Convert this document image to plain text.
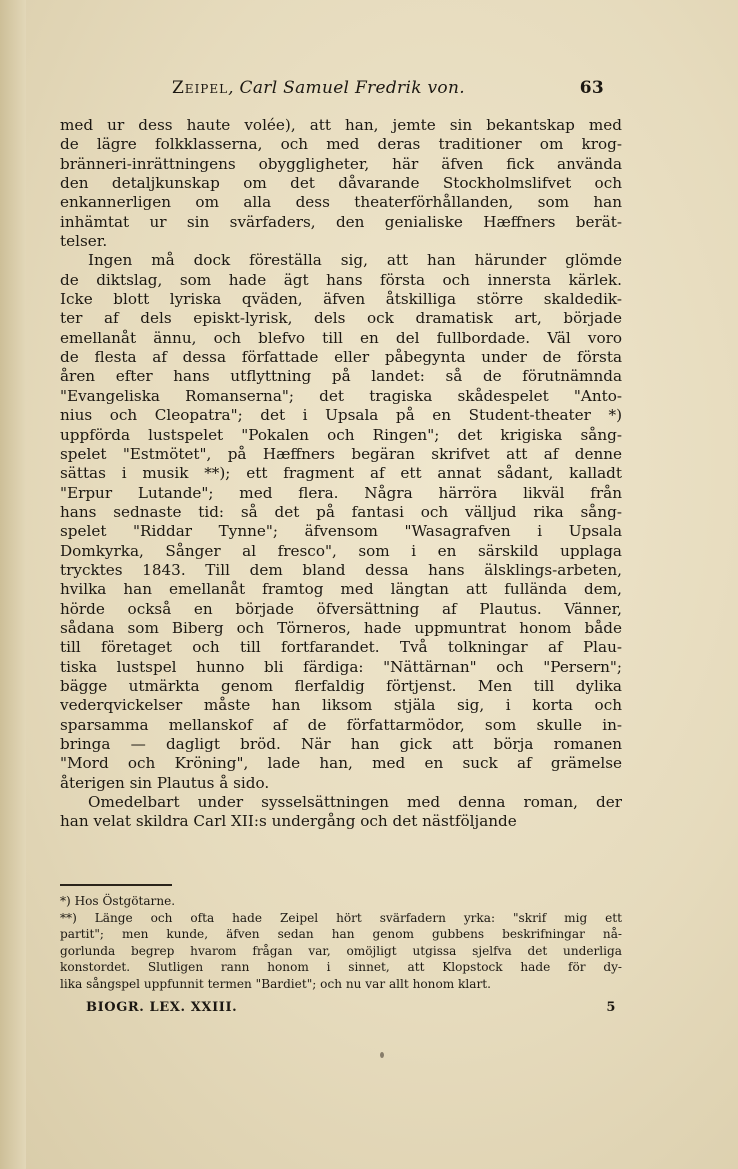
Zeipel, Carl Samuel Fredrik von.	63
med ur dess haute volée), att han, jemte sin bekantskap med
de lägre folkklasserna, och med deras traditioner om krog-
bränneri-inrättningens obyggligheter, här äfven fick använda
den detaljkunskap om det dåvarande Stockholmslifvet och
enkannerligen om alla dess theaterförhållanden, som han
inhämtat ur sin svärfaders, den genialiske Hæffners berät-
telser.
Ingen må dock föreställa sig, att han härunder glömde
de diktslag, som hade ägt hans första och innersta kärlek.
Icke blott lyriska qväden, äfven åtskilliga större skaldedik-
ter af dels episkt-lyrisk, dels ock dramatisk art, började
emellanåt ännu, och blefvo till en del fullbordade. Väl voro
de flesta af dessa författade eller påbegynta under de första
åren efter hans utflyttning på landet: så de förutnämnda
"Evangeliska Romanserna"; det tragiska skådespelet "Anto-
nius och Cleopatra"; det i Upsala på en Student-theater *)
uppförda lustspelet "Pokalen och Ringen"; det krigiska sång-
spelet "Estmötet", på Hæffners begäran skrifvet att af denne
sättas i musik **); ett fragment af ett annat sådant, kalladt
"Erpur Lutande"; med flera. Några härröra likväl från
hans sednaste tid: så det på fantasi och välljud rika sång-
spelet "Riddar Tynne"; äfvensom "Wasagrafven i Upsala
Domkyrka, Sånger al fresco", som i en särskild upplaga
trycktes 1843. Till dem bland dessa hans älsklings-arbeten,
hvilka han emellanåt framtog med längtan att fullända dem,
hörde också en började öfversättning af Plautus. Vänner,
sådana som Biberg och Törneros, hade uppmuntrat honom både
till företaget och till fortfarandet. Två tolkningar af Plau-
tiska lustspel hunno bli färdiga: "Nättärnan" och "Persern";
bägge utmärkta genom flerfaldig förtjenst. Men till dylika
vederqvickelser måste han liksom stjäla sig, i korta och
sparsamma mellanskof af de författarmödor, som skulle in-
bringa — dagligt bröd. När han gick att börja romanen
"Mord och Kröning", lade han, med en suck af grämelse
återigen sin Plautus å sido.
Omedelbart under sysselsättningen med denna roman, der
han velat skildra Carl XII:s undergång och det nästföljande
*) Hos Östgötarne.
**) Länge och ofta hade Zeipel hört svärfadern yrka: "skrif mig ett
partit"; men kunde, äfven sedan han genom gubbens beskrifningar nå-
gorlunda begrep hvarom frågan var, omöjligt utgissa sjelfva det underliga
konstordet. Slutligen rann honom i sinnet, att Klopstock hade för dy-
lika sångspel uppfunnit termen "Bardiet"; och nu var allt honom klart.
BIOGR. LEX. XXIII.	5
